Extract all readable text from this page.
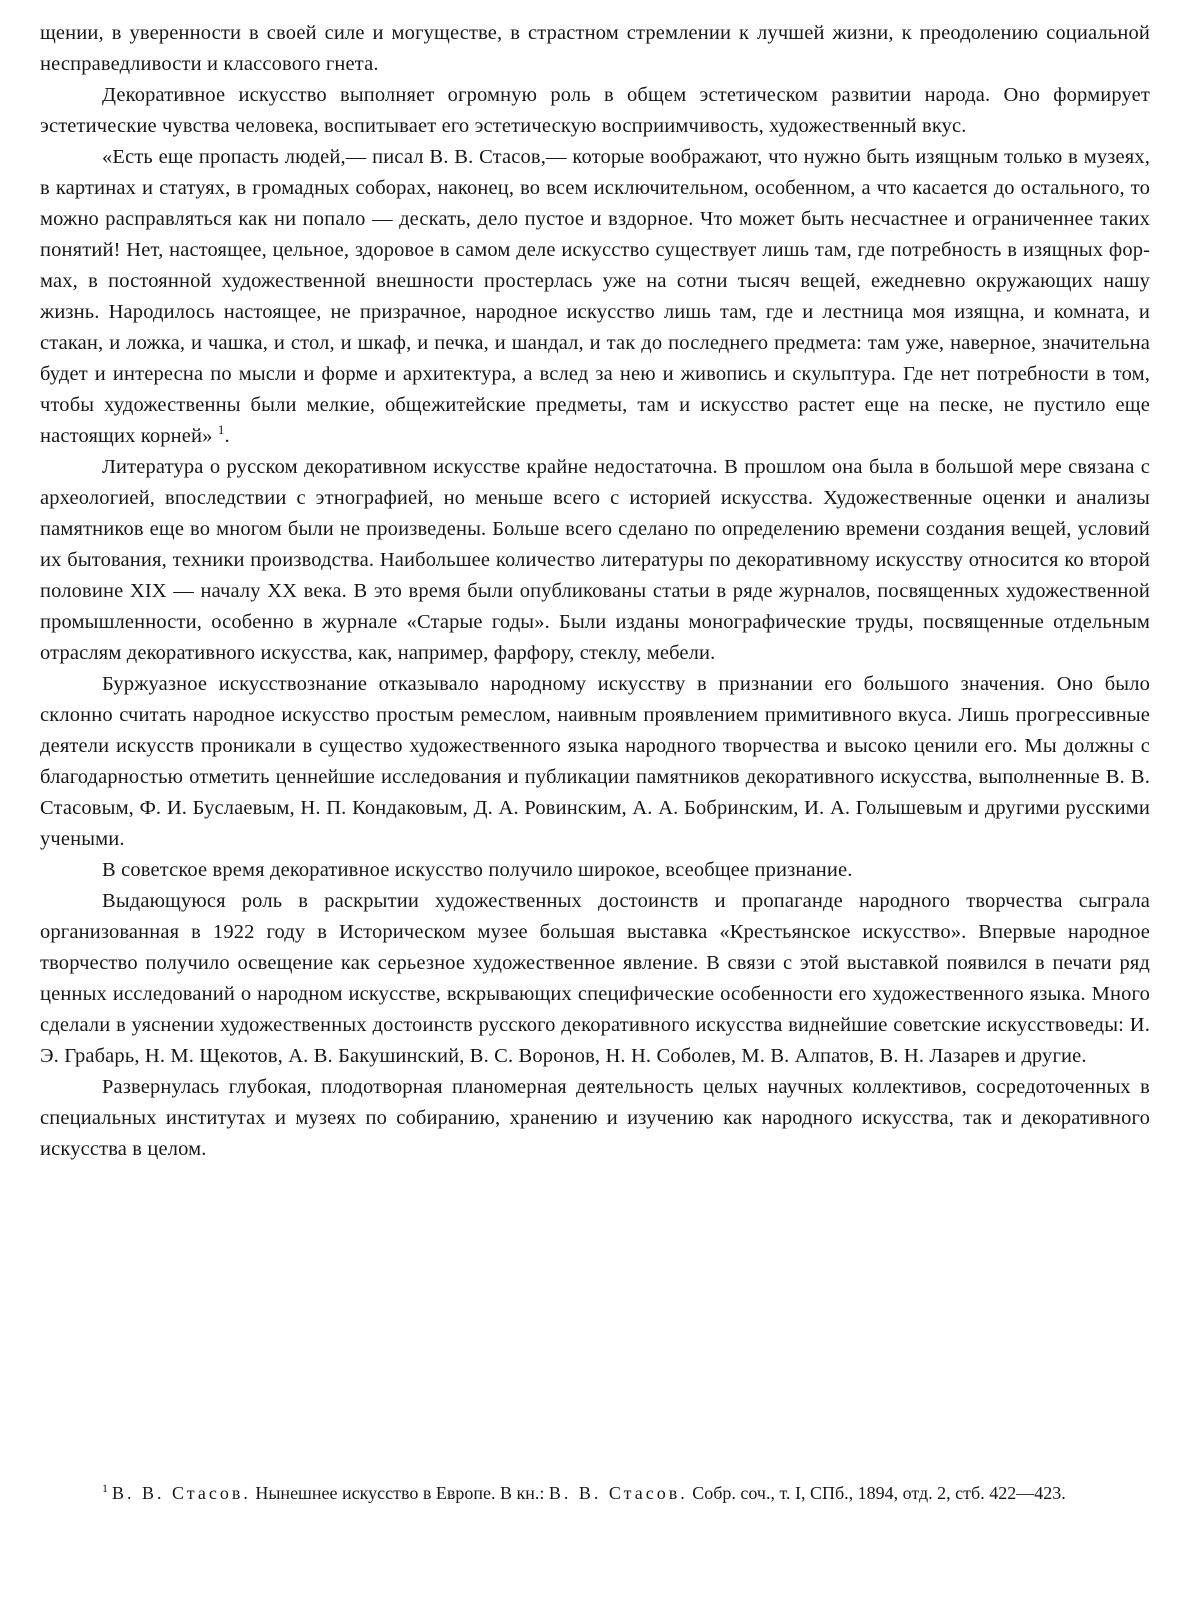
щении, в уверенности в своей силе и могуществе, в страстном стремлении к лучшей жизни, к преодолению социальной несправедливости и классового гнета.

Декоративное искусство выполняет огромную роль в общем эстетическом развитии народа. Оно формирует эстетические чувства человека, воспитывает его эстетическую восприимчивость, художественный вкус.

«Есть еще пропасть людей,— писал В. В. Стасов,— которые воображают, что нужно быть изящным только в музеях, в картинах и статуях, в громадных соборах, наконец, во всем исключительном, особенном, а что касается до остального, то можно расправляться как ни попало — дескать, дело пустое и вздорное. Что может быть несчастнее и ограниченнее таких понятий! Нет, настоящее, цельное, здоровое в самом деле искусство существует лишь там, где потребность в изящных формах, в постоянной художественной внешности простерлась уже на сотни тысяч вещей, ежедневно окружающих нашу жизнь. Народилось настоящее, не призрачное, народное искусство лишь там, где и лестница моя изящна, и комната, и стакан, и ложка, и чашка, и стол, и шкаф, и печка, и шандал, и так до последнего предмета: там уже, наверное, значительна будет и интересна по мысли и форме и архитектура, а вслед за нею и живопись и скульптура. Где нет потребности в том, чтобы художественны были мелкие, общежитейские предметы, там и искусство растет еще на песке, не пустило еще настоящих корней» $^1$.

Литература о русском декоративном искусстве крайне недостаточна. В прошлом она была в большой мере связана с археологией, впоследствии с этнографией, но меньше всего с историей искусства. Художественные оценки и анализы памятников еще во многом были не произведены. Больше всего сделано по определению времени создания вещей, условий их бытования, техники производства. Наибольшее количество литературы по декоративному искусству относится ко второй половине XIX — началу XX века. В это время были опубликованы статьи в ряде журналов, посвященных художественной промышленности, особенно в журнале «Старые годы». Были изданы монографические труды, посвященные отдельным отраслям декоративного искусства, как, например, фарфору, стеклу, мебели.

Буржуазное искусствознание отказывало народному искусству в признании его большого значения. Оно было склонно считать народное искусство простым ремеслом, наивным проявлением примитивного вкуса. Лишь прогрессивные деятели искусств проникали в существо художественного языка народного творчества и высоко ценили его. Мы должны с благодарностью отметить ценнейшие исследования и публикации памятников декоративного искусства, выполненные В. В. Стасовым, Ф. И. Буслаевым, Н. П. Кондаковым, Д. А. Ровинским, А. А. Бобринским, И. А. Голышевым и другими русскими учеными.

В советское время декоративное искусство получило широкое, всеобщее признание.

Выдающуюся роль в раскрытии художественных достоинств и пропаганде народного творчества сыграла организованная в 1922 году в Историческом музее большая выставка «Крестьянское искусство». Впервые народное творчество получило освещение как серьезное художественное явление. В связи с этой выставкой появился в печати ряд ценных исследований о народном искусстве, вскрывающих специфические особенности его художественного языка. Много сделали в уяснении художественных достоинств русского декоративного искусства виднейшие советские искусствоведы: И. Э. Грабарь, Н. М. Щекотов, А. В. Бакушинский, В. С. Воронов, Н. Н. Соболев, М. В. Алпатов, В. Н. Лазарев и другие.

Развернулась глубокая, плодотворная планомерная деятельность целых научных коллективов, сосредоточенных в специальных институтах и музеях по собиранию, хранению и изучению как народного искусства, так и декоративного искусства в целом.

$^1$ В. В. Стасов. Нынешнее искусство в Европе. В кн.: В. В. Стасов. Собр. соч., т. I, СПб., 1894, отд. 2, стб. 422—423.
